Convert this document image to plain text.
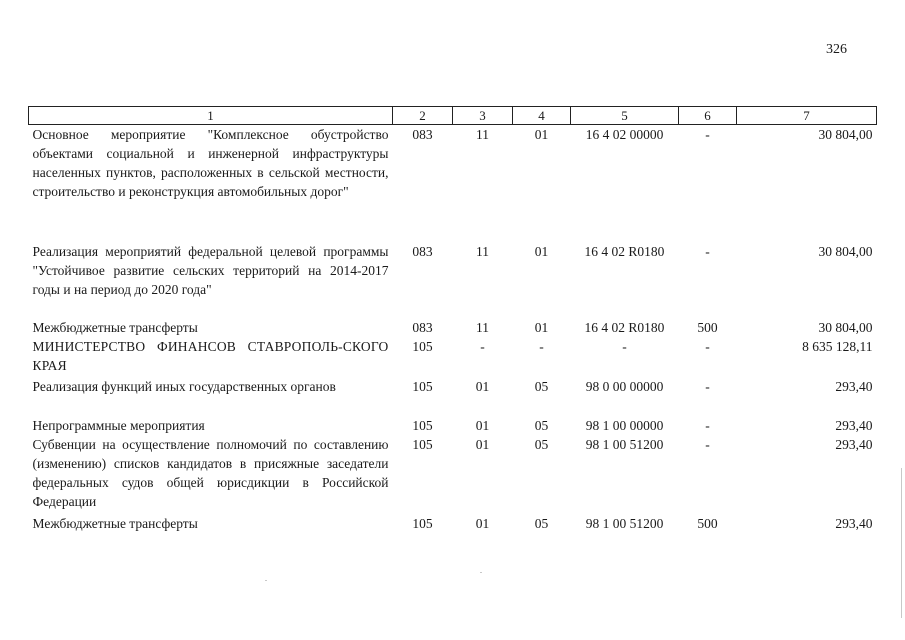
326
1	2	3	4	5	6	7
Основное мероприятие "Комплексное обустройство объектами социальной и инженерной инфраструктуры населенных пунктов, расположенных в сельской местности, строительство и реконструкция автомобильных дорог"	083	11	01	16 4 02 00000	-	30 804,00
Реализация мероприятий федеральной целевой программы "Устойчивое развитие сельских территорий на 2014-2017 годы и на период до 2020 года"	083	11	01	16 4 02 R0180	-	30 804,00
Межбюджетные трансферты	083	11	01	16 4 02 R0180	500	30 804,00
МИНИСТЕРСТВО ФИНАНСОВ СТАВРОПОЛЬ-СКОГО КРАЯ	105	-	-	-	-	8 635 128,11
Реализация функций иных государственных органов	105	01	05	98 0 00 00000	-	293,40
Непрограммные мероприятия	105	01	05	98 1 00 00000	-	293,40
Субвенции на осуществление полномочий по составлению (изменению) списков кандидатов в присяжные заседатели федеральных судов общей юрисдикции в Российской Федерации	105	01	05	98 1 00 51200	-	293,40
Межбюджетные трансферты	105	01	05	98 1 00 51200	500	293,40
